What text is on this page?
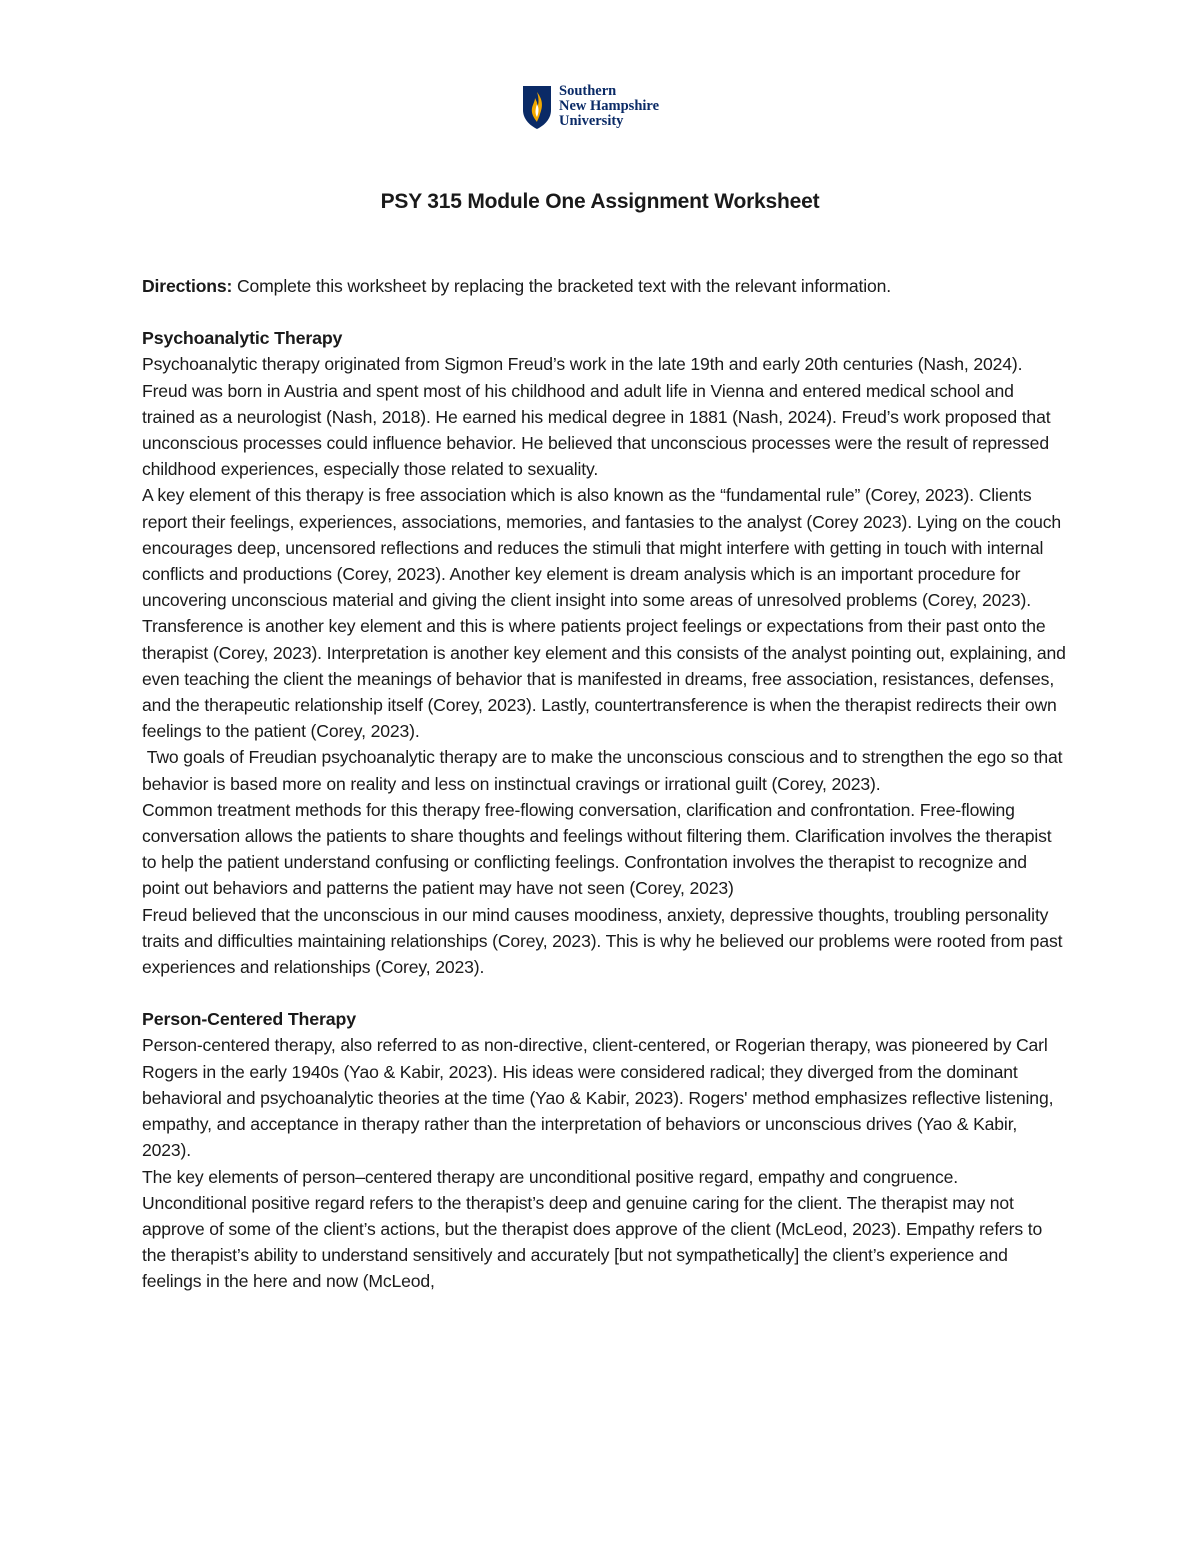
Southern
New Hampshire
University
PSY 315 Module One Assignment Worksheet

Directions: Complete this worksheet by replacing the bracketed text with the relevant information.

Psychoanalytic Therapy

Psychoanalytic therapy originated from Sigmon Freud’s work in the late 19th and early 20th centuries (Nash, 2024). Freud was born in Austria and spent most of his childhood and adult life in Vienna and entered medical school and trained as a neurologist (Nash, 2018). He earned his medical degree in 1881 (Nash, 2024). Freud’s work proposed that unconscious processes could influence behavior. He believed that unconscious processes were the result of repressed childhood experiences, especially those related to sexuality.

A key element of this therapy is free association which is also known as the “fundamental rule” (Corey, 2023). Clients report their feelings, experiences, associations, memories, and fantasies to the analyst (Corey 2023). Lying on the couch encourages deep, uncensored reflections and reduces the stimuli that might interfere with getting in touch with internal conflicts and productions (Corey, 2023). Another key element is dream analysis which is an important procedure for uncovering unconscious material and giving the client insight into some areas of unresolved problems (Corey, 2023). Transference is another key element and this is where patients project feelings or expectations from their past onto the therapist (Corey, 2023). Interpretation is another key element and this consists of the analyst pointing out, explaining, and even teaching the client the meanings of behavior that is manifested in dreams, free association, resistances, defenses, and the therapeutic relationship itself (Corey, 2023). Lastly, countertransference is when the therapist redirects their own feelings to the patient (Corey, 2023).

Two goals of Freudian psychoanalytic therapy are to make the unconscious conscious and to strengthen the ego so that behavior is based more on reality and less on instinctual cravings or irrational guilt (Corey, 2023).

Common treatment methods for this therapy free-flowing conversation, clarification and confrontation. Free-flowing conversation allows the patients to share thoughts and feelings without filtering them. Clarification involves the therapist to help the patient understand confusing or conflicting feelings. Confrontation involves the therapist to recognize and point out behaviors and patterns the patient may have not seen (Corey, 2023)

Freud believed that the unconscious in our mind causes moodiness, anxiety, depressive thoughts, troubling personality traits and difficulties maintaining relationships (Corey, 2023). This is why he believed our problems were rooted from past experiences and relationships (Corey, 2023).

Person-Centered Therapy

Person-centered therapy, also referred to as non-directive, client-centered, or Rogerian therapy, was pioneered by Carl Rogers in the early 1940s (Yao & Kabir, 2023). His ideas were considered radical; they diverged from the dominant behavioral and psychoanalytic theories at the time (Yao & Kabir, 2023). Rogers' method emphasizes reflective listening, empathy, and acceptance in therapy rather than the interpretation of behaviors or unconscious drives (Yao & Kabir, 2023).

The key elements of person–centered therapy are unconditional positive regard, empathy and congruence. Unconditional positive regard refers to the therapist’s deep and genuine caring for the client. The therapist may not approve of some of the client’s actions, but the therapist does approve of the client (McLeod, 2023). Empathy refers to the therapist’s ability to understand sensitively and accurately [but not sympathetically] the client’s experience and feelings in the here and now (McLeod,
